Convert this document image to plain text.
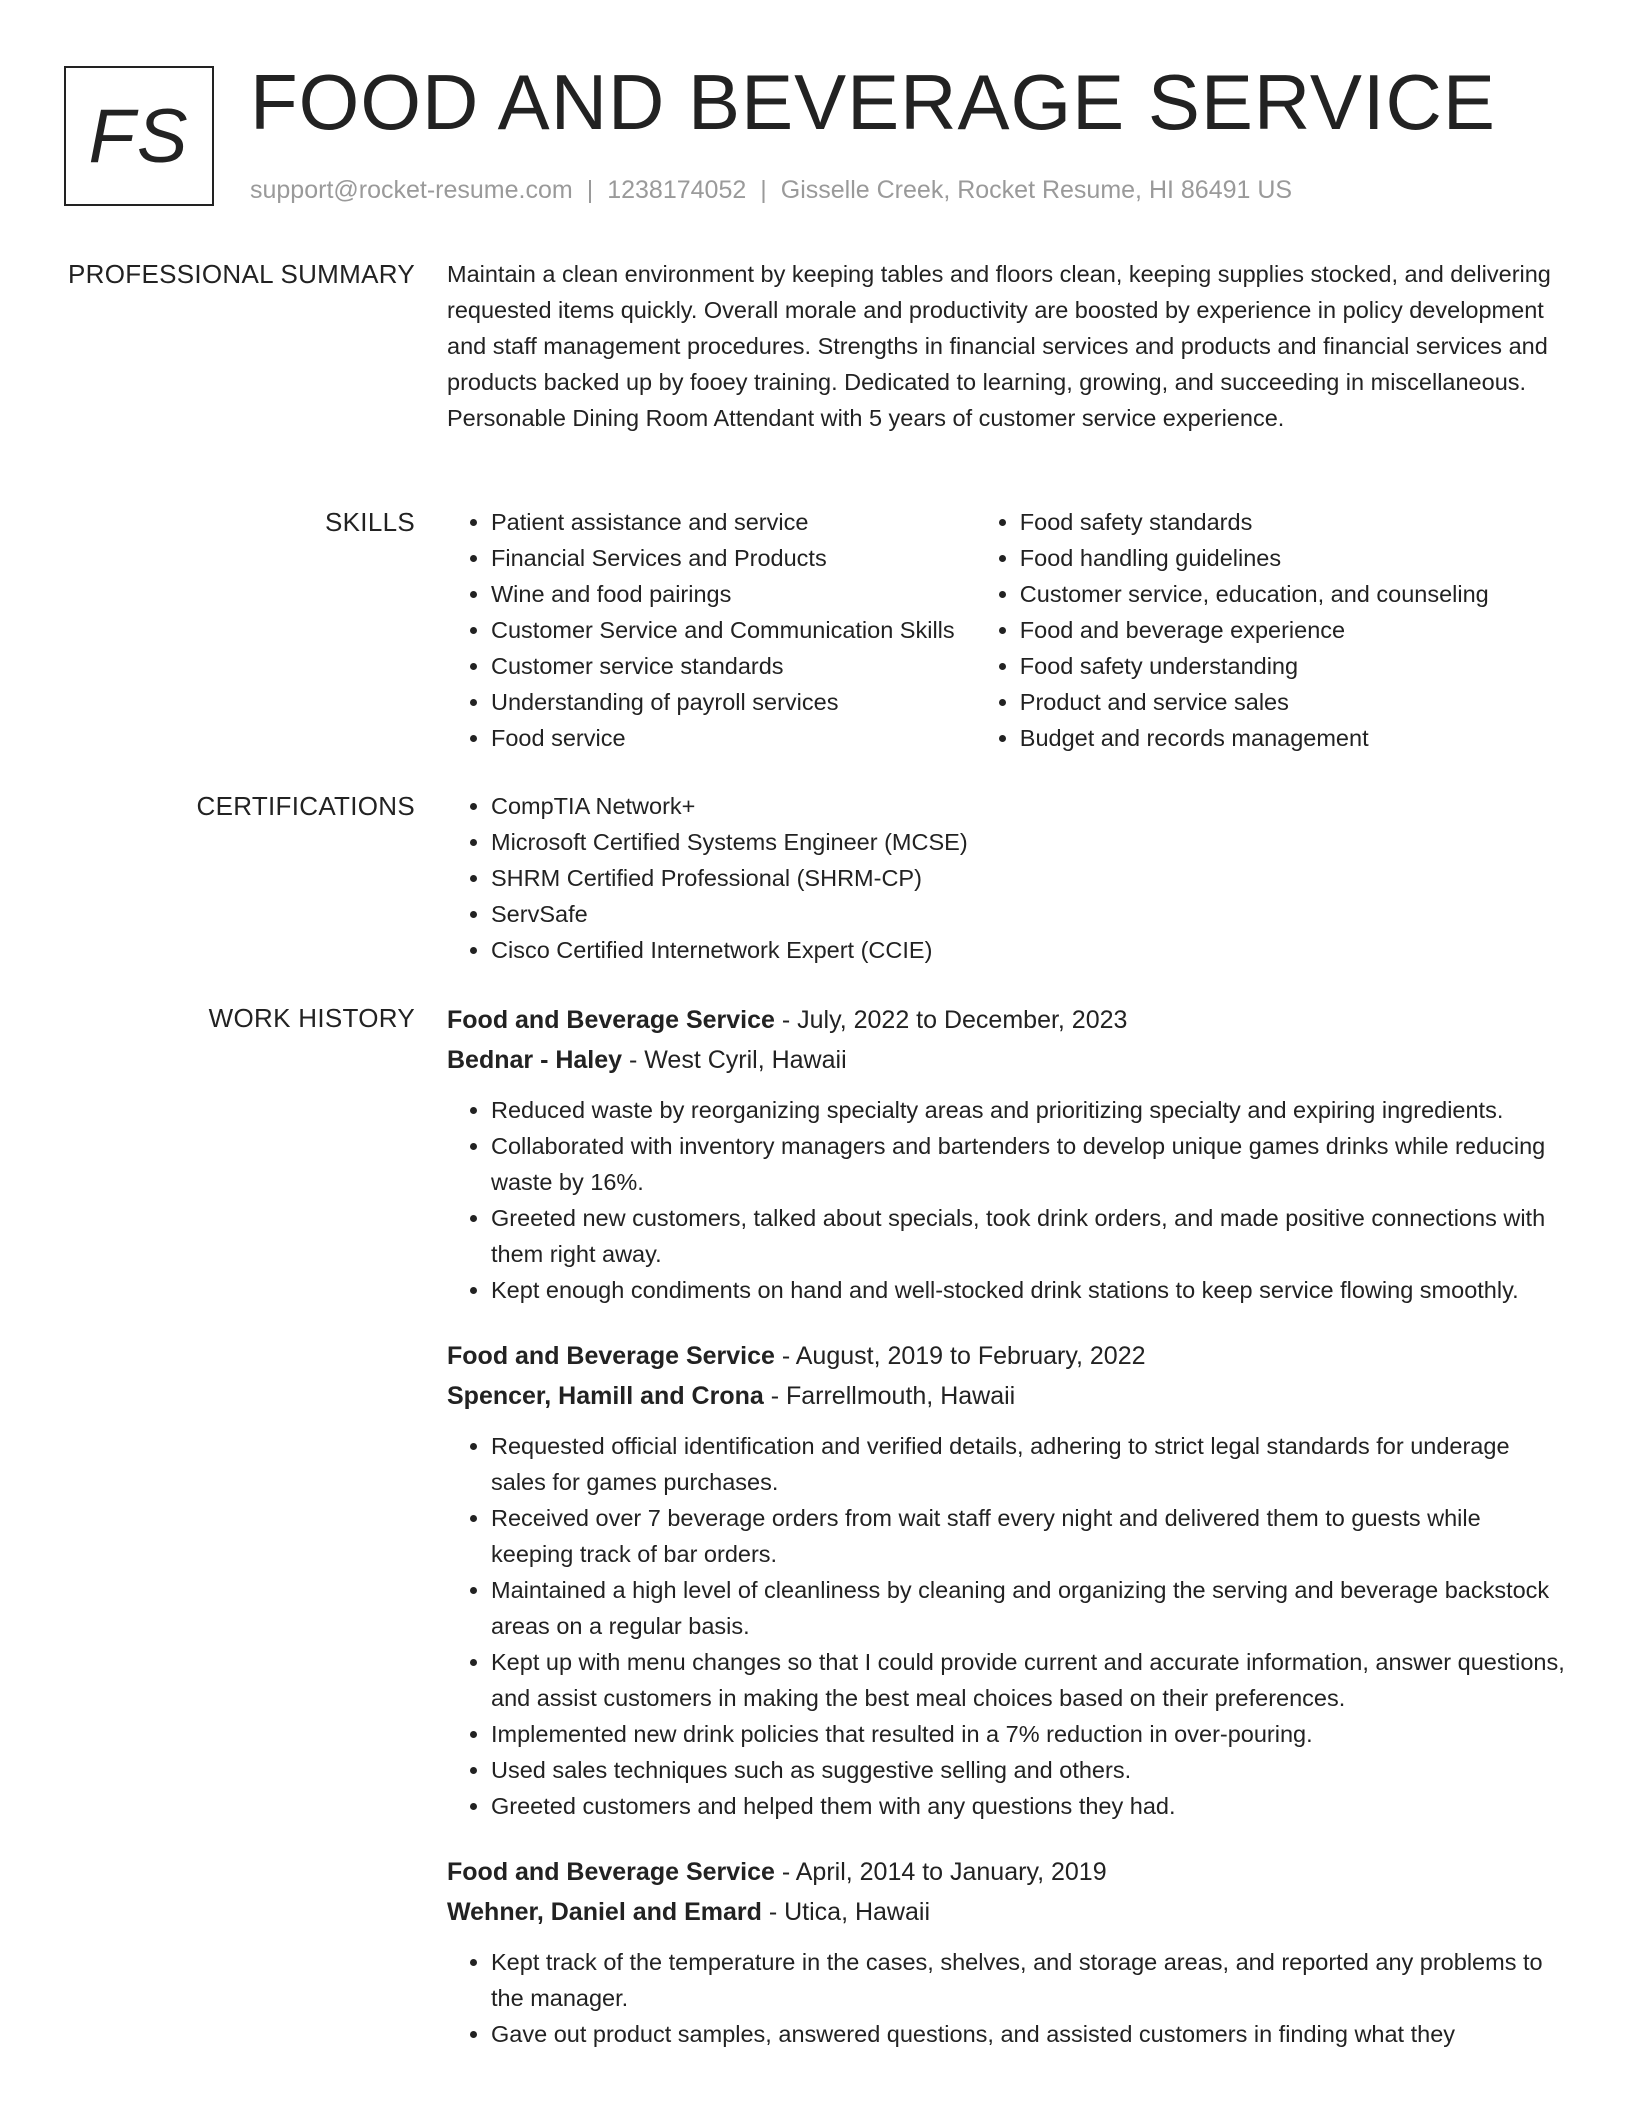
FS FOOD AND BEVERAGE SERVICE
support@rocket-resume.com | 1238174052 | Gisselle Creek, Rocket Resume, HI 86491 US
PROFESSIONAL SUMMARY Maintain a clean environment by keeping tables and floors clean, keeping supplies stocked, and delivering requested items quickly. Overall morale and productivity are boosted by experience in policy development and staff management procedures. Strengths in financial services and products and financial services and products backed up by fooey training. Dedicated to learning, growing, and succeeding in miscellaneous. Personable Dining Room Attendant with 5 years of customer service experience.

SKILLS	• Patient assistance and service
• Financial Services and Products
• Wine and food pairings
• Customer Service and Communication Skills
• Customer service standards
• Understanding of payroll services
• Food service
• Food safety standards
• Food handling guidelines
• Customer service, education, and counseling
• Food and beverage experience
• Food safety understanding
• Product and service sales
• Budget and records management
CERTIFICATIONS	• CompTIA Network+
• Microsoft Certified Systems Engineer (MCSE)
• SHRM Certified Professional (SHRM-CP)
• ServSafe
• Cisco Certified Internetwork Expert (CCIE)
WORK HISTORY Food and Beverage Service - July, 2022 to December, 2023
Bednar - Haley - West Cyril, Hawaii
• Reduced waste by reorganizing specialty areas and prioritizing specialty and expiring ingredients.
• Collaborated with inventory managers and bartenders to develop unique games drinks while reducing waste by 16%.
• Greeted new customers, talked about specials, took drink orders, and made positive connections with them right away.
• Kept enough condiments on hand and well-stocked drink stations to keep service flowing smoothly.
Food and Beverage Service - August, 2019 to February, 2022
Spencer, Hamill and Crona - Farrellmouth, Hawaii
• Requested official identification and verified details, adhering to strict legal standards for underage sales for games purchases.
• Received over 7 beverage orders from wait staff every night and delivered them to guests while keeping track of bar orders.
• Maintained a high level of cleanliness by cleaning and organizing the serving and beverage backstock areas on a regular basis.
• Kept up with menu changes so that I could provide current and accurate information, answer questions, and assist customers in making the best meal choices based on their preferences.
• Implemented new drink policies that resulted in a 7% reduction in over-pouring.
• Used sales techniques such as suggestive selling and others.
• Greeted customers and helped them with any questions they had.
Food and Beverage Service - April, 2014 to January, 2019
Wehner, Daniel and Emard - Utica, Hawaii
• Kept track of the temperature in the cases, shelves, and storage areas, and reported any problems to the manager.
• Gave out product samples, answered questions, and assisted customers in finding what they
